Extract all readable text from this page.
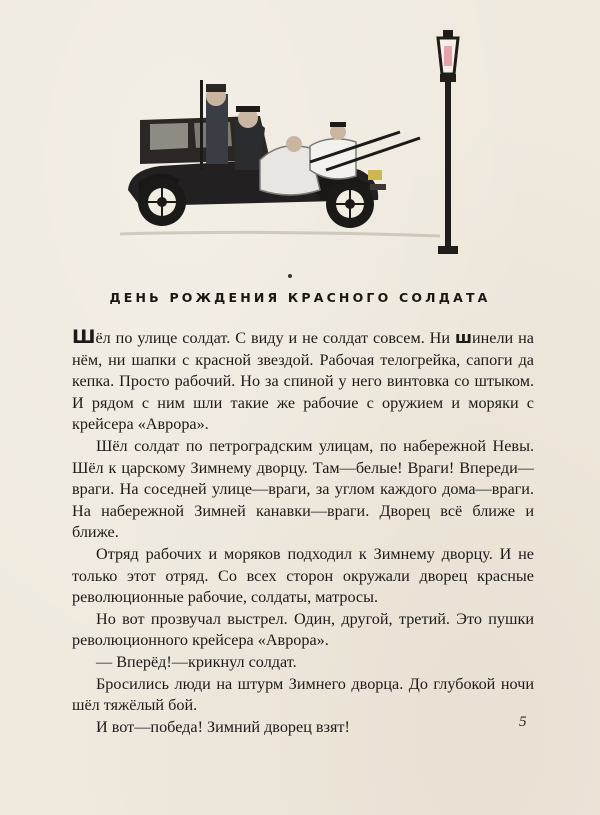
ДЕНЬ РОЖДЕНИЯ КРАСНОГО СОЛДАТА

Шёл по улице солдат. С виду и не солдат совсем. Ни шинели на нём, ни шапки с красной звездой. Рабочая телогрейка, сапоги да кепка. Просто рабочий. Но за спиной у него винтовка со штыком. И рядом с ним шли такие же рабочие с оружием и моряки с крейсера «Аврора».

Шёл солдат по петроградским улицам, по набережной Невы. Шёл к царскому Зимнему дворцу. Там—белые! Враги! Впереди—враги. На соседней улице—враги, за углом каждого дома—враги. На набережной Зимней канавки—враги. Дворец всё ближе и ближе.

Отряд рабочих и моряков подходил к Зимнему дворцу. И не только этот отряд. Со всех сторон окружали дворец красные революционные рабочие, солдаты, матросы.

Но вот прозвучал выстрел. Один, другой, третий. Это пушки революционного крейсера «Аврора».

— Вперёд!—крикнул солдат.

Бросились люди на штурм Зимнего дворца. До глубокой ночи шёл тяжёлый бой.

И вот—победа! Зимний дворец взят!	5
